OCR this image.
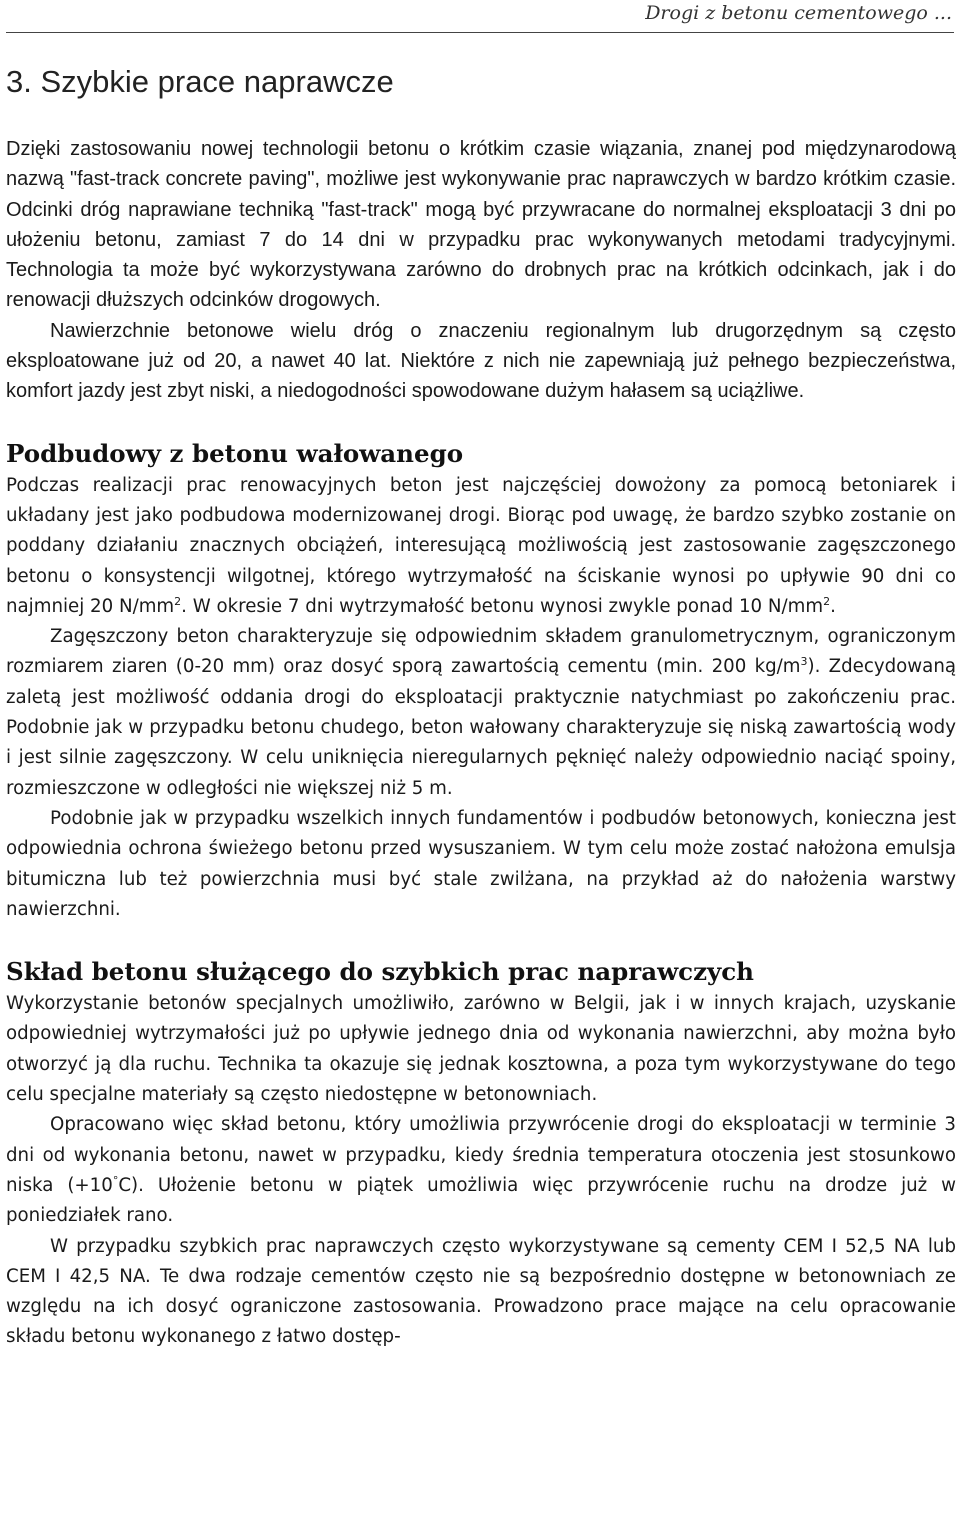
Drogi z betonu cementowego ...
3. Szybkie prace naprawcze

Dzięki zastosowaniu nowej technologii betonu o krótkim czasie wiązania, znanej pod międzynarodową nazwą "fast-track concrete paving", możliwe jest wykonywanie prac naprawczych w bardzo krótkim czasie. Odcinki dróg naprawiane techniką "fast-track" mogą być przywracane do normalnej eksploatacji 3 dni po ułożeniu betonu, zamiast 7 do 14 dni w przypadku prac wykonywanych metodami tradycyjnymi. Technologia ta może być wykorzystywana zarówno do drobnych prac na krótkich odcinkach, jak i do renowacji dłuższych odcinków drogowych.

Nawierzchnie betonowe wielu dróg o znaczeniu regionalnym lub drugorzędnym są często eksploatowane już od 20, a nawet 40 lat. Niektóre z nich nie zapewniają już pełnego bezpieczeństwa, komfort jazdy jest zbyt niski, a niedogodności spowodowane dużym hałasem są uciążliwe.

Podbudowy z betonu wałowanego

Podczas realizacji prac renowacyjnych beton jest najczęściej dowożony za pomocą betoniarek i układany jest jako podbudowa modernizowanej drogi. Biorąc pod uwagę, że bardzo szybko zostanie on poddany działaniu znacznych obciążeń, interesującą możliwością jest zastosowanie zagęszczonego betonu o konsystencji wilgotnej, którego wytrzymałość na ściskanie wynosi po upływie 90 dni co najmniej 20 $N/mm^2$. W okresie 7 dni wytrzymałość betonu wynosi zwykle ponad 10 $N/mm^2$.

Zagęszczony beton charakteryzuje się odpowiednim składem granulometrycznym, ograniczonym rozmiarem ziaren (0-20 mm) oraz dosyć sporą zawartością cementu (min. 200 $kg/m^3$). Zdecydowaną zaletą jest możliwość oddania drogi do eksploatacji praktycznie natychmiast po zakończeniu prac. Podobnie jak w przypadku betonu chudego, beton wałowany charakteryzuje się niską zawartością wody i jest silnie zagęszczony. W celu uniknięcia nieregularnych pęknięć należy odpowiednio naciąć spoiny, rozmieszczone w odległości nie większej niż 5 m.

Podobnie jak w przypadku wszelkich innych fundamentów i podbudów betonowych, konieczna jest odpowiednia ochrona świeżego betonu przed wysuszaniem. W tym celu może zostać nałożona emulsja bitumiczna lub też powierzchnia musi być stale zwilżana, na przykład aż do nałożenia warstwy nawierzchni.

Skład betonu służącego do szybkich prac naprawczych

Wykorzystanie betonów specjalnych umożliwiło, zarówno w Belgii, jak i w innych krajach, uzyskanie odpowiedniej wytrzymałości już po upływie jednego dnia od wykonania nawierzchni, aby można było otworzyć ją dla ruchu. Technika ta okazuje się jednak kosztowna, a poza tym wykorzystywane do tego celu specjalne materiały są często niedostępne w betonowniach.

Opracowano więc skład betonu, który umożliwia przywrócenie drogi do eksploatacji w terminie 3 dni od wykonania betonu, nawet w przypadku, kiedy średnia temperatura otoczenia jest stosunkowo niska (+10°C). Ułożenie betonu w piątek umożliwia więc przywrócenie ruchu na drodze już w poniedziałek rano.

W przypadku szybkich prac naprawczych często wykorzystywane są cementy CEM I 52,5 NA lub CEM I 42,5 NA. Te dwa rodzaje cementów często nie są bezpośrednio dostępne w betonowniach ze względu na ich dosyć ograniczone zastosowania. Prowadzono prace mające na celu opracowanie składu betonu wykonanego z łatwo dostęp-
